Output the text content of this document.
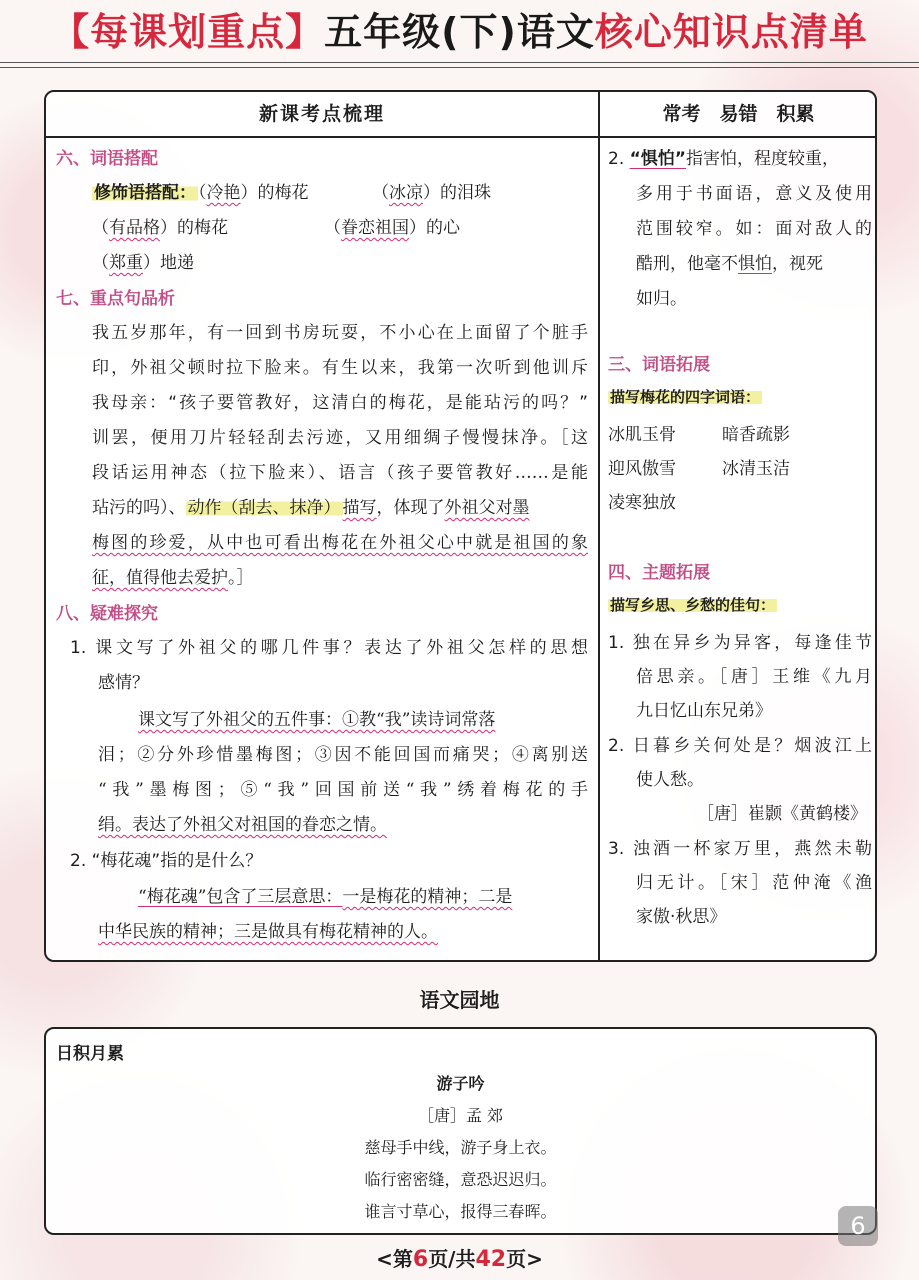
【每课划重点】五年级(下)语文核心知识点清单
新课考点梳理	常考　易错　积累
六、词语搭配
修饰语搭配： （冷艳）的梅花	（冰凉）的泪珠
（有品格）的梅花	（眷恋祖国）的心
（郑重）地递
七、重点句品析
我五岁那年，有一回到书房玩耍，不小心在上面留了个脏手
印，外祖父顿时拉下脸来。有生以来，我第一次听到他训斥
我母亲：“孩子要管教好，这清白的梅花，是能玷污的吗？”
训罢，便用刀片轻轻刮去污迹，又用细绸子慢慢抹净。［这
段话运用神态（拉下脸来）、语言（孩子要管教好……是能
玷污的吗）、 动作（刮去、抹净） 描写，体现了外祖父对墨
梅图的珍爱，从中也可看出梅花在外祖父心中就是祖国的象
征，值得他去爱护。］
八、疑难探究
1. 课文写了外祖父的哪几件事？表达了外祖父怎样的思想
感情？
课文写了外祖父的五件事：①教“我”读诗词常落
泪；②分外珍惜墨梅图；③因不能回国而痛哭；④离别送
“我”墨梅图；⑤“我”回国前送“我”绣着梅花的手
绢。表达了外祖父对祖国的眷恋之情。
2. “梅花魂”指的是什么？
“梅花魂”包含了三层意思：一是梅花的精神；二是
中华民族的精神；三是做具有梅花精神的人。
2. “惧怕”指害怕，程度较重，
多用于书面语，意义及使用
范围较窄。如：面对敌人的
酷刑，他毫不惧怕，视死
如归。
三、词语拓展
描写梅花的四字词语：
冰肌玉骨	暗香疏影
迎风傲雪	冰清玉洁
凌寒独放
四、主题拓展
描写乡思、乡愁的佳句：
1. 独在异乡为异客，每逢佳节
倍思亲。［唐］王维《九月
九日忆山东兄弟》
2. 日暮乡关何处是？烟波江上
使人愁。
［唐］崔颢《黄鹤楼》
3. 浊酒一杯家万里，燕然未勒
归无计。［宋］范仲淹《渔
家傲·秋思》
语文园地
日积月累
游子吟
［唐］孟 郊
慈母手中线，游子身上衣。
临行密密缝，意恐迟迟归。
谁言寸草心，报得三春晖。
<第6页/共42页>
6
